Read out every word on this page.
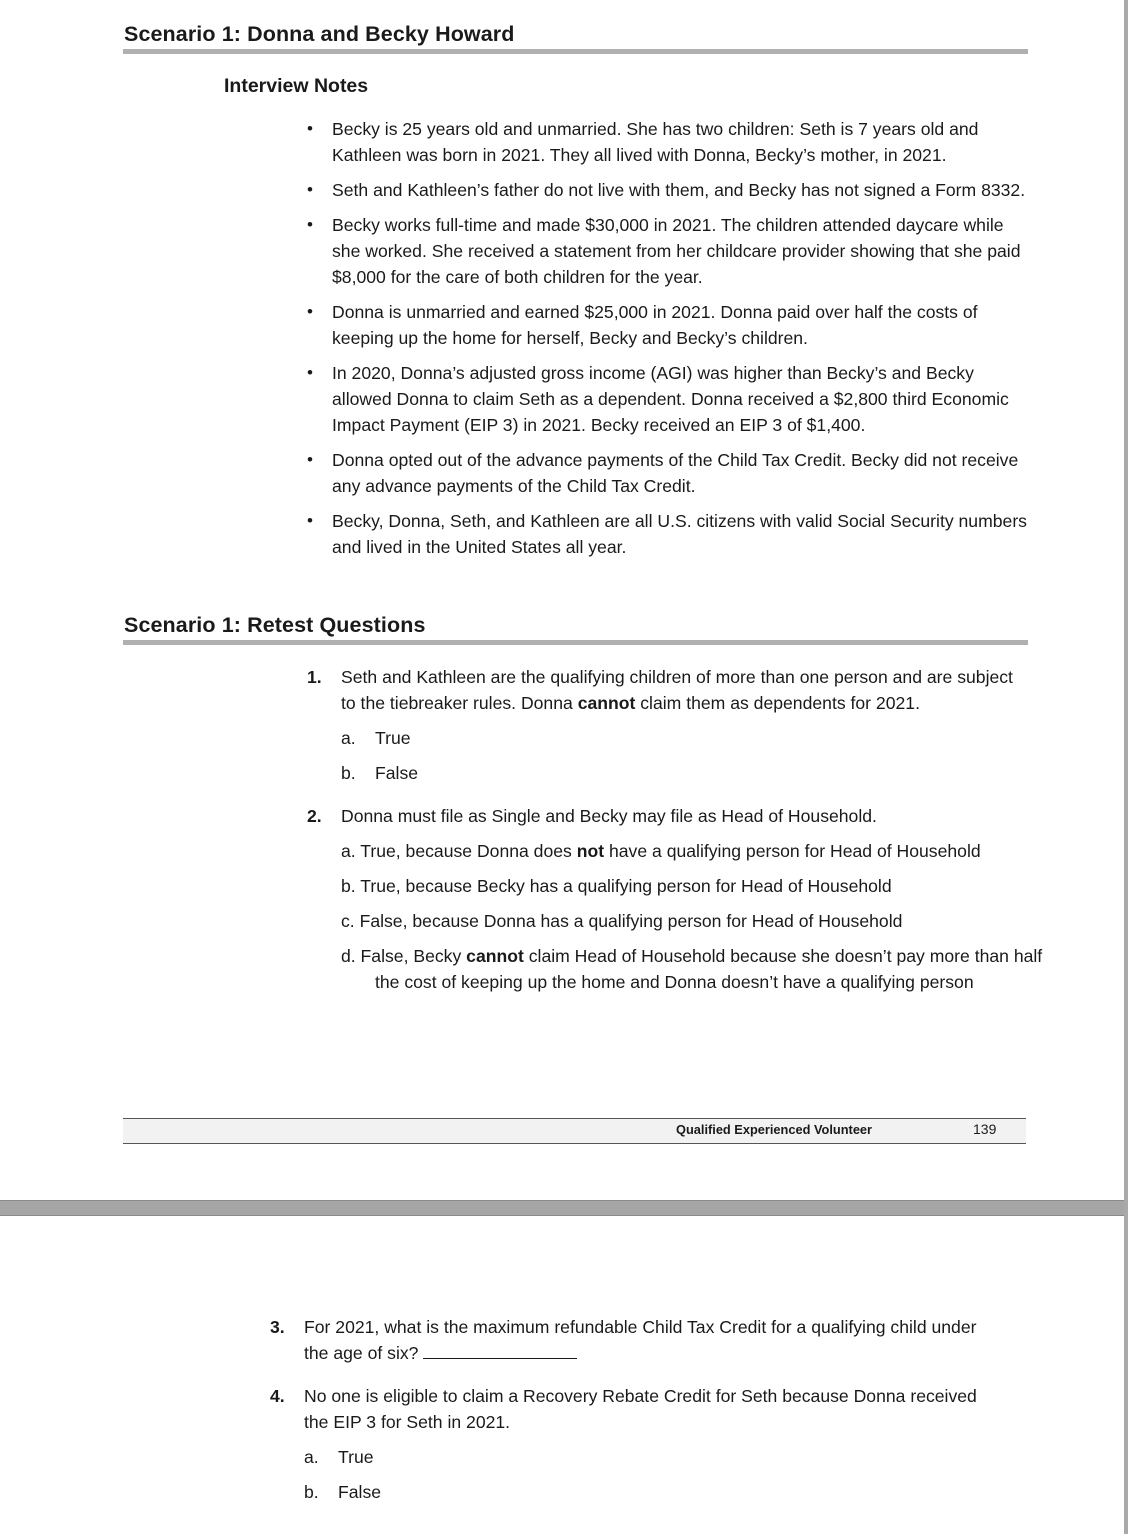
Scenario 1: Donna and Becky Howard
Interview Notes
• Becky is 25 years old and unmarried. She has two children: Seth is 7 years old and Kathleen was born in 2021. They all lived with Donna, Becky’s mother, in 2021.
• Seth and Kathleen’s father do not live with them, and Becky has not signed a Form 8332.
• Becky works full-time and made $30,000 in 2021. The children attended daycare while she worked. She received a statement from her childcare provider showing that she paid $8,000 for the care of both children for the year.
• Donna is unmarried and earned $25,000 in 2021. Donna paid over half the costs of keeping up the home for herself, Becky and Becky’s children.
• In 2020, Donna’s adjusted gross income (AGI) was higher than Becky’s and Becky allowed Donna to claim Seth as a dependent. Donna received a $2,800 third Economic Impact Payment (EIP 3) in 2021. Becky received an EIP 3 of $1,400.
• Donna opted out of the advance payments of the Child Tax Credit. Becky did not receive any advance payments of the Child Tax Credit.
• Becky, Donna, Seth, and Kathleen are all U.S. citizens with valid Social Security numbers and lived in the United States all year.
Scenario 1: Retest Questions
1.	Seth and Kathleen are the qualifying children of more than one person and are subject to the tiebreaker rules. Donna cannot claim them as dependents for 2021.

a. True

b. False

2.	Donna must file as Single and Becky may file as Head of Household.

a. True, because Donna does not have a qualifying person for Head of Household

b. True, because Becky has a qualifying person for Head of Household

c. False, because Donna has a qualifying person for Head of Household

d. False, Becky cannot claim Head of Household because she doesn’t pay more than half the cost of keeping up the home and Donna doesn’t have a qualifying person

Qualified Experienced Volunteer	139
3.	For 2021, what is the maximum refundable Child Tax Credit for a qualifying child under the age of six?
4.	No one is eligible to claim a Recovery Rebate Credit for Seth because Donna received the EIP 3 for Seth in 2021.

a. True

b. False
